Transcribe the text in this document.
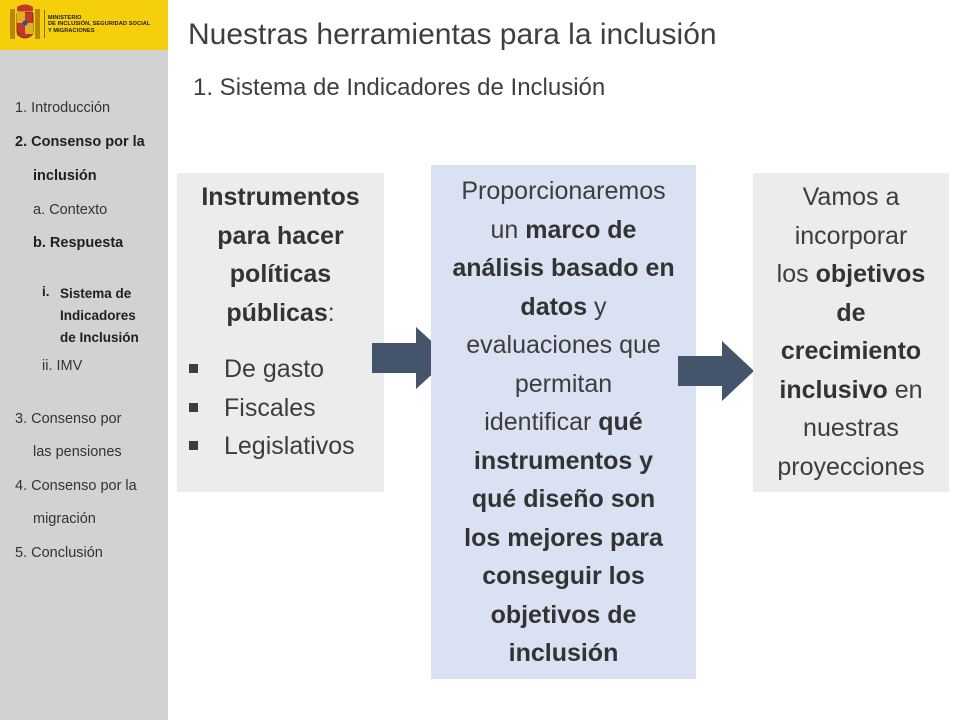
MINISTERIO
DE INCLUSIÓN, SEGURIDAD SOCIAL
Y MIGRACIONES
1. Introducción
2. Consenso por la
inclusión
a. Contexto
b. Respuesta
i. Sistema de
Indicadores
de Inclusión
ii. IMV
3. Consenso por
las pensiones
4. Consenso por la
migración
5. Conclusión
Nuestras herramientas para la inclusión
1. Sistema de Indicadores de Inclusión
Instrumentos
para hacer
políticas
públicas:
De gasto
Fiscales
Legislativos
Proporcionaremos
un marco de
análisis basado en
datos y
evaluaciones que
permitan
identificar qué
instrumentos y
qué diseño son
los mejores para
conseguir los
objetivos de
inclusión
Vamos a
incorporar
los objetivos
de
crecimiento
inclusivo en
nuestras
proyecciones
